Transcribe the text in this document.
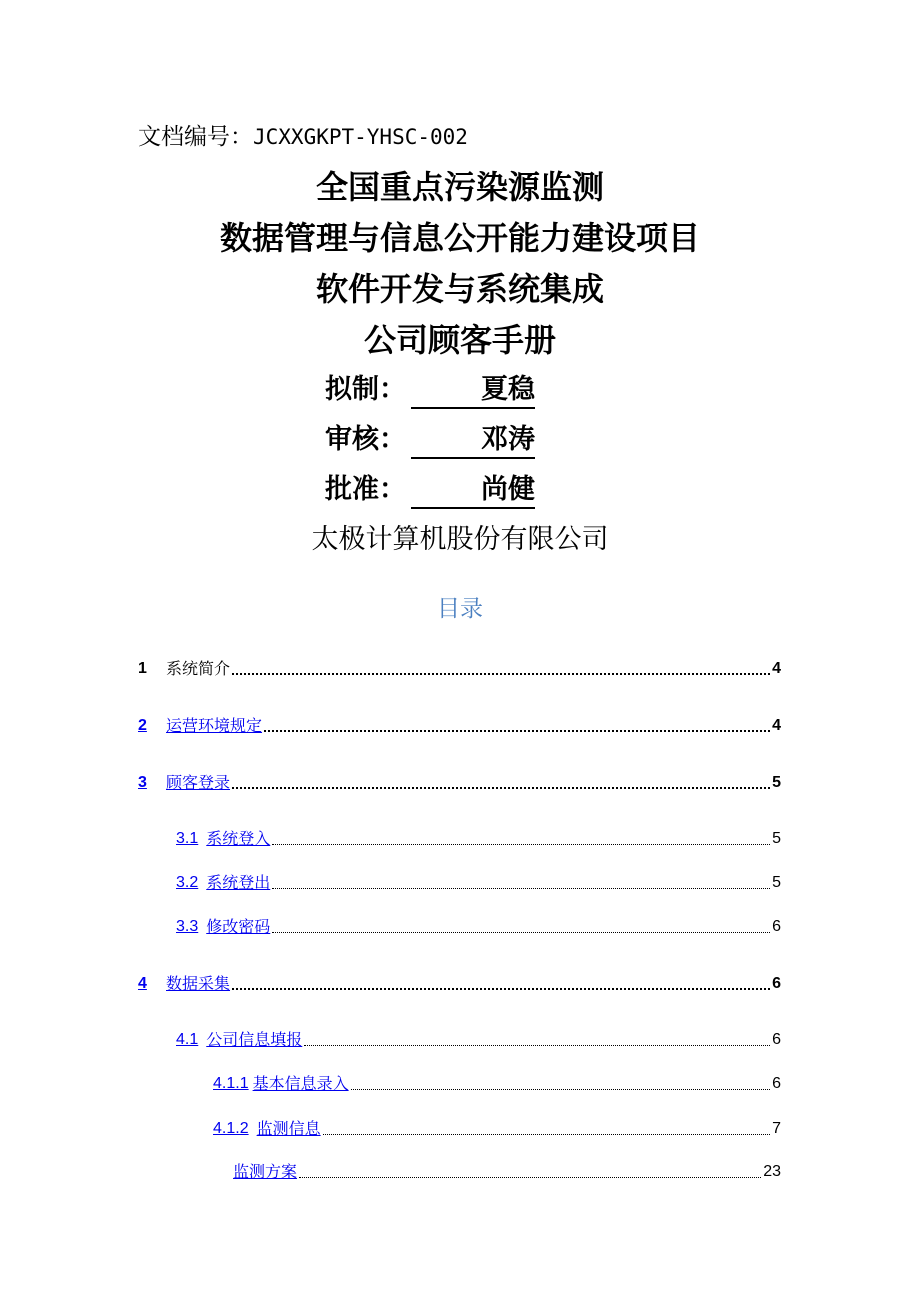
文档编号：JCXXGKPT-YHSC-002
全国重点污染源监测
数据管理与信息公开能力建设项目
软件开发与系统集成
公司顾客手册
拟制：	夏稳
审核：	邓涛
批准：	尚健
太极计算机股份有限公司
目录
1	系统简介	4
2	运营环境规定	4
3	顾客登录	5
3.1 系统登入	5
3.2 系统登出	5
3.3 修改密码	6
4	数据采集	6
4.1 公司信息填报	6
4.1.1 基本信息录入	6
4.1.2 监测信息	7
监测方案	23
